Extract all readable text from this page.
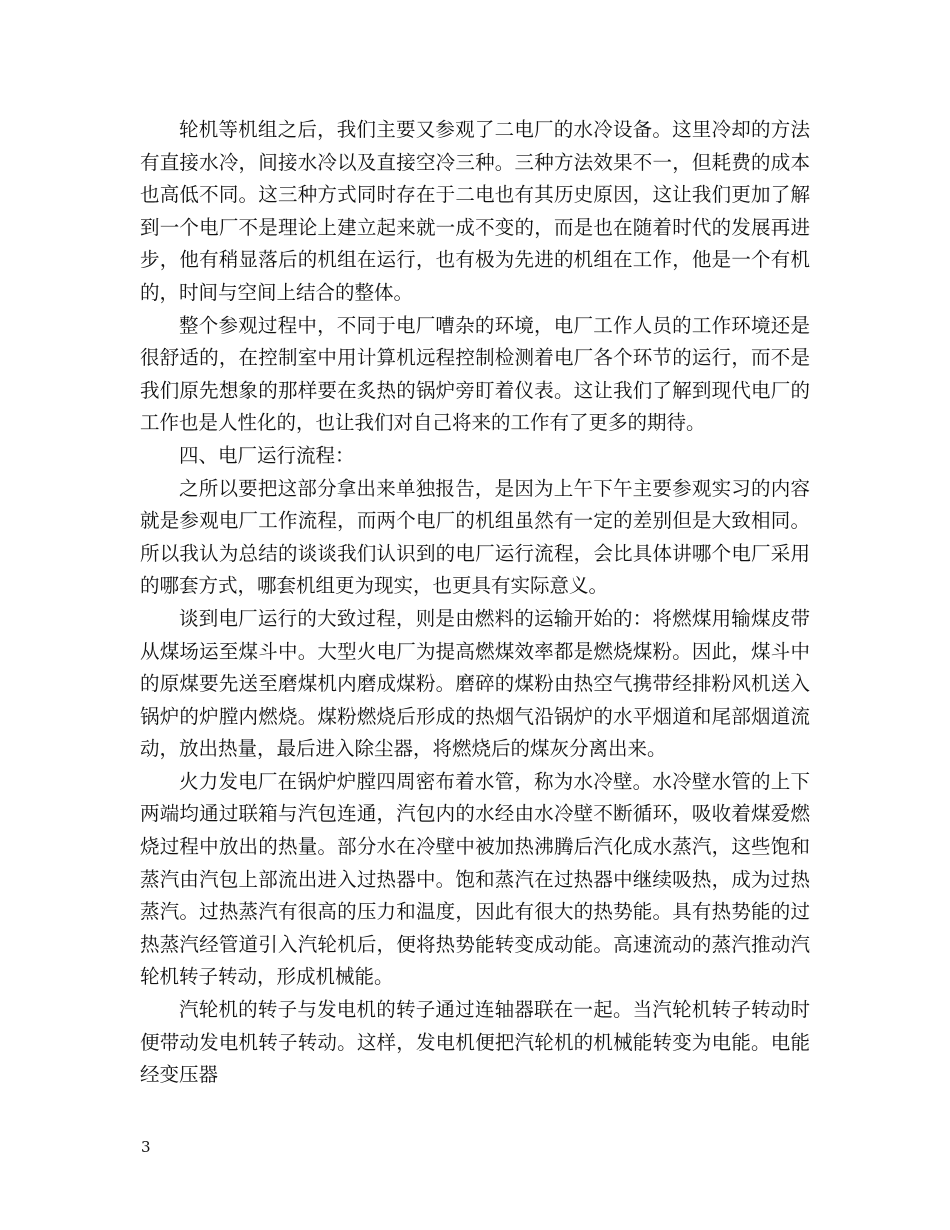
轮机等机组之后，我们主要又参观了二电厂的水冷设备。这里冷却的方法有直接水冷，间接水冷以及直接空冷三种。三种方法效果不一，但耗费的成本也高低不同。这三种方式同时存在于二电也有其历史原因，这让我们更加了解到一个电厂不是理论上建立起来就一成不变的，而是也在随着时代的发展再进步，他有稍显落后的机组在运行，也有极为先进的机组在工作，他是一个有机的，时间与空间上结合的整体。

整个参观过程中，不同于电厂嘈杂的环境，电厂工作人员的工作环境还是很舒适的，在控制室中用计算机远程控制检测着电厂各个环节的运行，而不是我们原先想象的那样要在炙热的锅炉旁盯着仪表。这让我们了解到现代电厂的工作也是人性化的，也让我们对自己将来的工作有了更多的期待。

四、电厂运行流程：

之所以要把这部分拿出来单独报告，是因为上午下午主要参观实习的内容就是参观电厂工作流程，而两个电厂的机组虽然有一定的差别但是大致相同。所以我认为总结的谈谈我们认识到的电厂运行流程，会比具体讲哪个电厂采用的哪套方式，哪套机组更为现实，也更具有实际意义。

谈到电厂运行的大致过程，则是由燃料的运输开始的：将燃煤用输煤皮带从煤场运至煤斗中。大型火电厂为提高燃煤效率都是燃烧煤粉。因此，煤斗中的原煤要先送至磨煤机内磨成煤粉。磨碎的煤粉由热空气携带经排粉风机送入锅炉的炉膛内燃烧。煤粉燃烧后形成的热烟气沿锅炉的水平烟道和尾部烟道流动，放出热量，最后进入除尘器，将燃烧后的煤灰分离出来。

火力发电厂在锅炉炉膛四周密布着水管，称为水冷壁。水冷壁水管的上下两端均通过联箱与汽包连通，汽包内的水经由水冷壁不断循环，吸收着煤爱燃烧过程中放出的热量。部分水在冷壁中被加热沸腾后汽化成水蒸汽，这些饱和蒸汽由汽包上部流出进入过热器中。饱和蒸汽在过热器中继续吸热，成为过热蒸汽。过热蒸汽有很高的压力和温度，因此有很大的热势能。具有热势能的过热蒸汽经管道引入汽轮机后，便将热势能转变成动能。高速流动的蒸汽推动汽轮机转子转动，形成机械能。

汽轮机的转子与发电机的转子通过连轴器联在一起。当汽轮机转子转动时便带动发电机转子转动。这样，发电机便把汽轮机的机械能转变为电能。电能经变压器

3
